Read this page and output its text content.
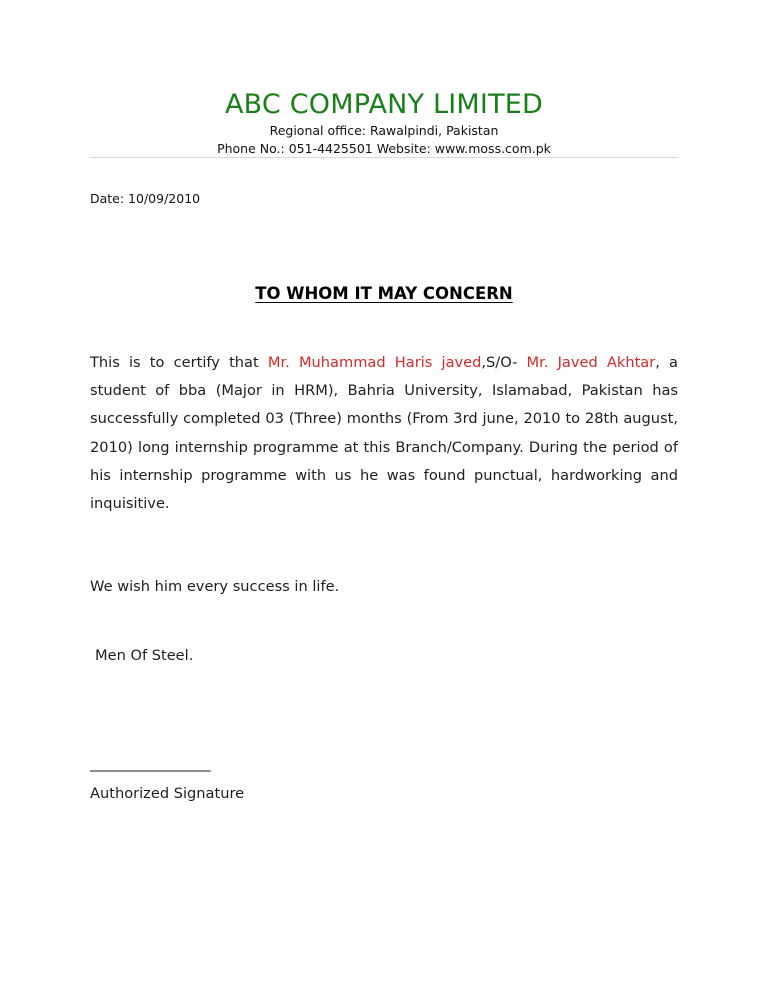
ABC COMPANY LIMITED
Regional office: Rawalpindi, Pakistan
Phone No.: 051-4425501 Website: www.moss.com.pk
Date: 10/09/2010
TO WHOM IT MAY CONCERN
This is to certify that Mr. Muhammad Haris javed,S/O- Mr. Javed Akhtar, a student of bba (Major in HRM), Bahria University, Islamabad, Pakistan has successfully completed 03 (Three) months (From 3rd june, 2010 to 28th august, 2010) long internship programme at this Branch/Company. During the period of his internship programme with us he was found punctual, hardworking and inquisitive.
We wish him every success in life.
Men Of Steel.
___________________
Authorized Signature
